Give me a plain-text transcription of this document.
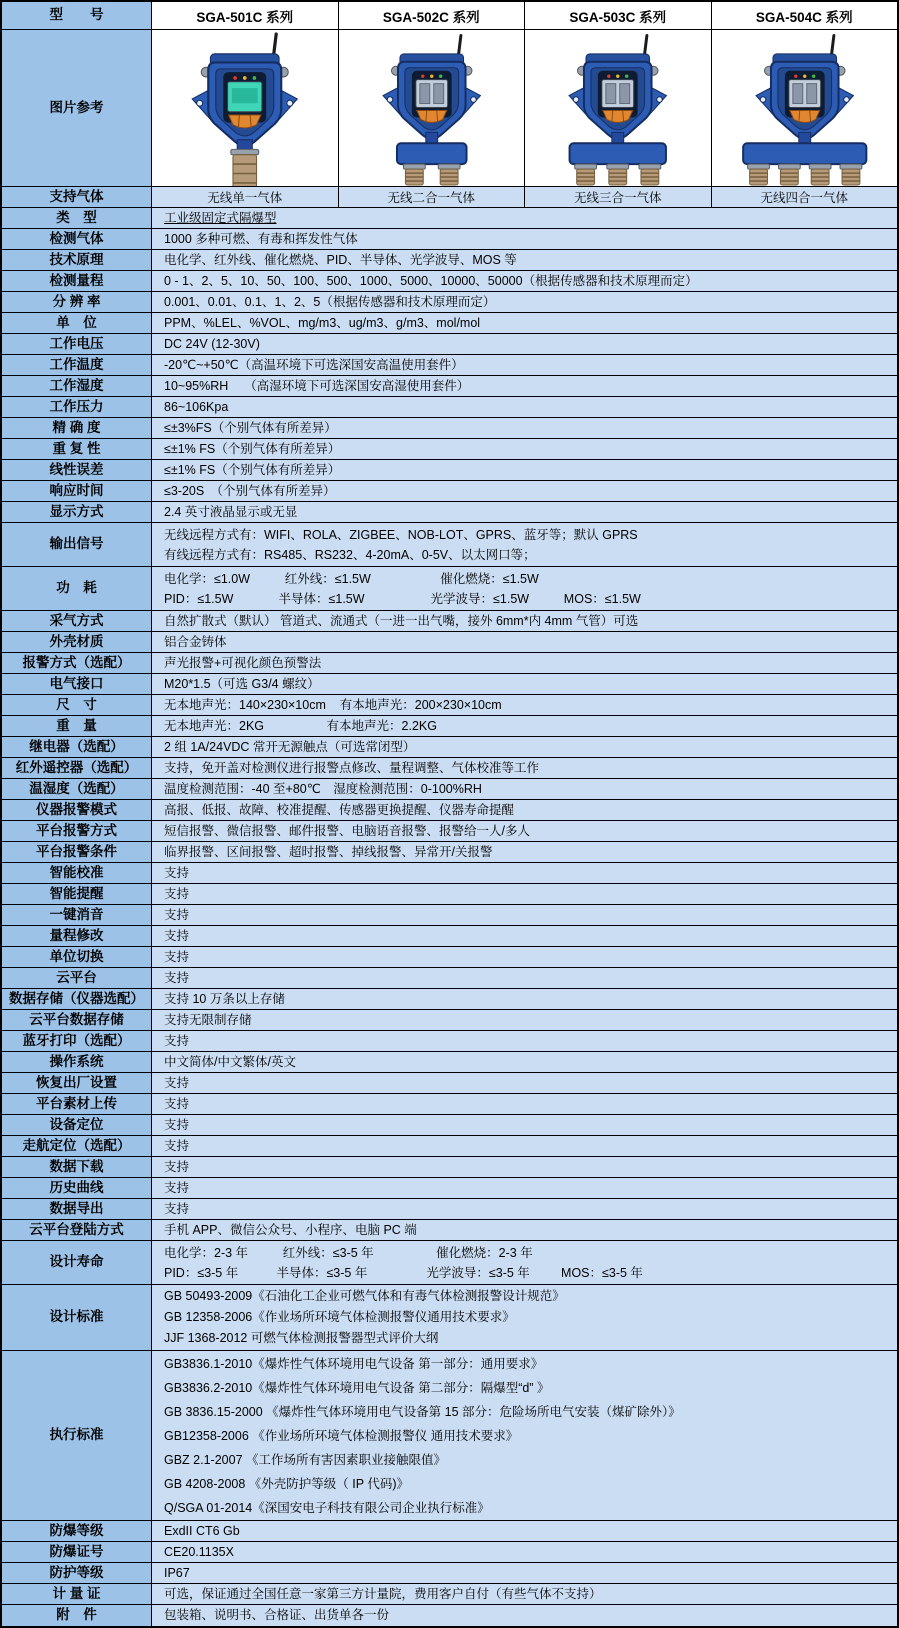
型　　号	SGA-501C 系列	SGA-502C 系列	SGA-503C 系列	SGA-504C 系列
图片参考
支持气体	无线单一气体	无线二合一气体	无线三合一气体	无线四合一气体
类　型	工业级固定式隔爆型
检测气体	1000 多种可燃、有毒和挥发性气体
技术原理	电化学、红外线、催化燃烧、PID、半导体、光学波导、MOS 等
检测量程	0 - 1、2、5、10、50、100、500、1000、5000、10000、50000（根据传感器和技术原理而定）
分 辨 率	0.001、0.01、0.1、1、2、5（根据传感器和技术原理而定）
单　位	PPM、%LEL、%VOL、mg/m3、ug/m3、g/m3、mol/mol
工作电压	DC 24V (12-30V)
工作温度	-20℃~+50℃（高温环境下可选深国安高温使用套件）
工作湿度	10~95%RH　 （高湿环境下可选深国安高湿使用套件）
工作压力	86~106Kpa
精 确 度	≤±3%FS（个别气体有所差异）
重 复 性	≤±1% FS（个别气体有所差异）
线性误差	≤±1% FS（个别气体有所差异）
响应时间	≤3-20S　（个别气体有所差异）
显示方式	2.4 英寸液晶显示或无显
输出信号
无线远程方式有：WIFI、ROLA、ZIGBEE、NOB-LOT、GPRS、蓝牙等；默认 GPRS
有线远程方式有：RS485、RS232、4-20mA、0-5V、以太网口等；
功　耗
电化学：≤1.0W          红外线：≤1.5W                    催化燃烧：≤1.5W
PID：≤1.5W             半导体：≤1.5W                   光学波导：≤1.5W          MOS：≤1.5W
采气方式	自然扩散式（默认） 管道式、流通式（一进一出气嘴，接外 6mm*内 4mm 气管）可选
外壳材质	铝合金铸体
报警方式（选配）	声光报警+可视化颜色预警法
电气接口	M20*1.5（可选 G3/4 螺纹）
尺　寸	无本地声光：140×230×10cm    有本地声光：200×230×10cm
重　量	无本地声光：2KG                  有本地声光：2.2KG
继电器（选配）	2 组 1A/24VDC 常开无源触点（可选常闭型）
红外遥控器（选配）	支持，免开盖对检测仪进行报警点修改、量程调整、气体校准等工作
温湿度（选配）	温度检测范围：-40 至+80℃　湿度检测范围：0-100%RH
仪器报警模式	高报、低报、故障、校准提醒、传感器更换提醒、仪器寿命提醒
平台报警方式	短信报警、微信报警、邮件报警、电脑语音报警、报警给一人/多人
平台报警条件	临界报警、区间报警、超时报警、掉线报警、异常开/关报警
智能校准	支持
智能提醒	支持
一键消音	支持
量程修改	支持
单位切换	支持
云平台	支持
数据存储（仪器选配）	支持 10 万条以上存储
云平台数据存储	支持无限制存储
蓝牙打印（选配）	支持
操作系统	中文简体/中文繁体/英文
恢复出厂设置	支持
平台素材上传	支持
设备定位	支持
走航定位（选配）	支持
数据下载	支持
历史曲线	支持
数据导出	支持
云平台登陆方式	手机 APP、微信公众号、小程序、电脑 PC 端
设计寿命
电化学：2-3 年          红外线：≤3-5 年                  催化燃烧：2-3 年
PID：≤3-5 年           半导体：≤3-5 年                 光学波导：≤3-5 年         MOS：≤3-5 年
设计标准
GB 50493-2009《石油化工企业可燃气体和有毒气体检测报警设计规范》
GB 12358-2006《作业场所环境气体检测报警仪通用技术要求》
JJF 1368-2012 可燃气体检测报警器型式评价大纲
执行标准
GB3836.1-2010《爆炸性气体环境用电气设备 第一部分：通用要求》
GB3836.2-2010《爆炸性气体环境用电气设备 第二部分：隔爆型“d” 》
GB 3836.15-2000 《爆炸性气体环境用电气设备第 15 部分：危险场所电气安装（煤矿除外）》
GB12358-2006 《作业场所环境气体检测报警仪 通用技术要求》
GBZ 2.1-2007 《工作场所有害因素职业接触限值》
GB 4208-2008 《外壳防护等级（ IP 代码)》
Q/SGA 01-2014《深国安电子科技有限公司企业执行标准》
防爆等级	ExdII CT6 Gb
防爆证号	CE20.1135X
防护等级	IP67
计 量 证	可选，保证通过全国任意一家第三方计量院，费用客户自付（有些气体不支持）
附　件	包装箱、说明书、合格证、出货单各一份
